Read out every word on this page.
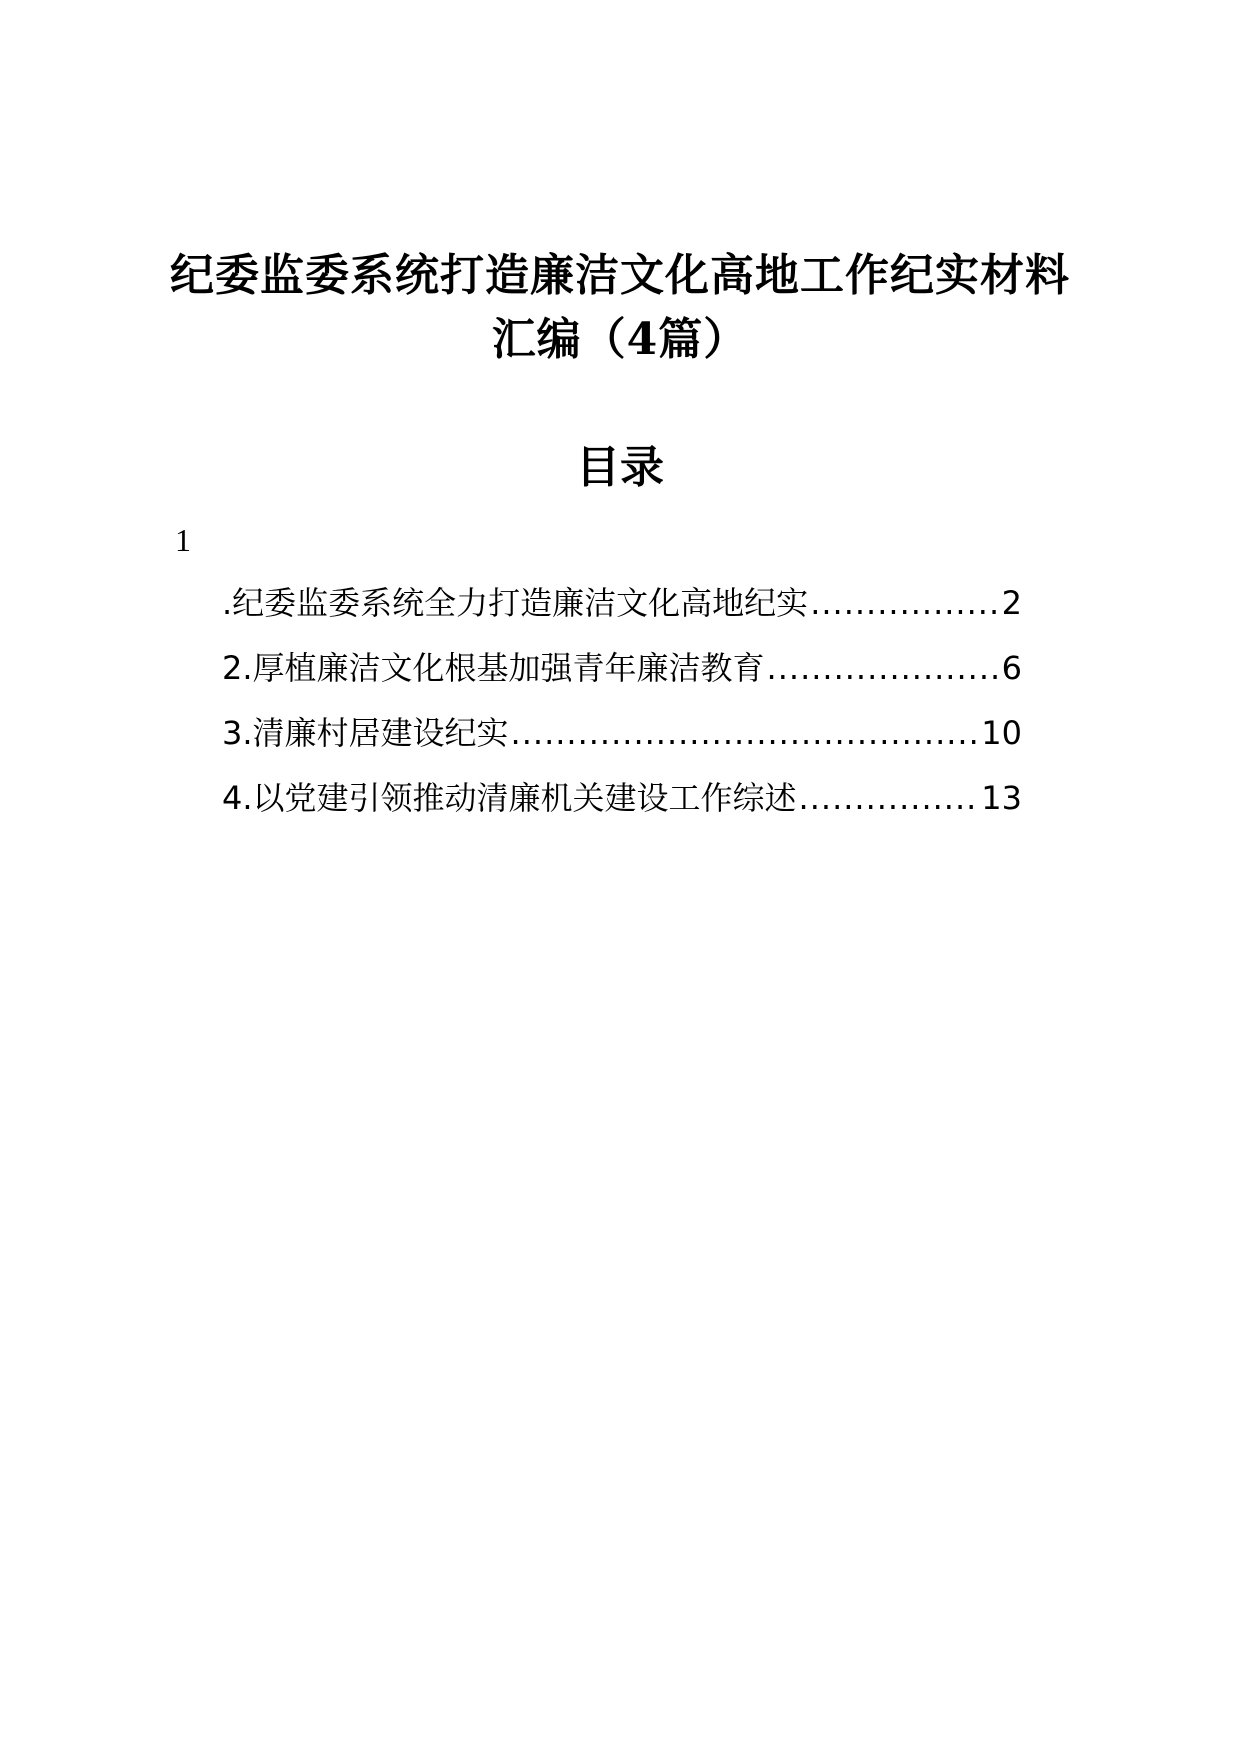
纪委监委系统打造廉洁文化高地工作纪实材料
汇编（4篇）
目录
1
.纪委监委系统全力打造廉洁文化高地纪实 .....	2
2.厚植廉洁文化根基加强青年廉洁教育 .....	6
3.清廉村居建设纪实 .....	10
4.以党建引领推动清廉机关建设工作综述 .....	13
